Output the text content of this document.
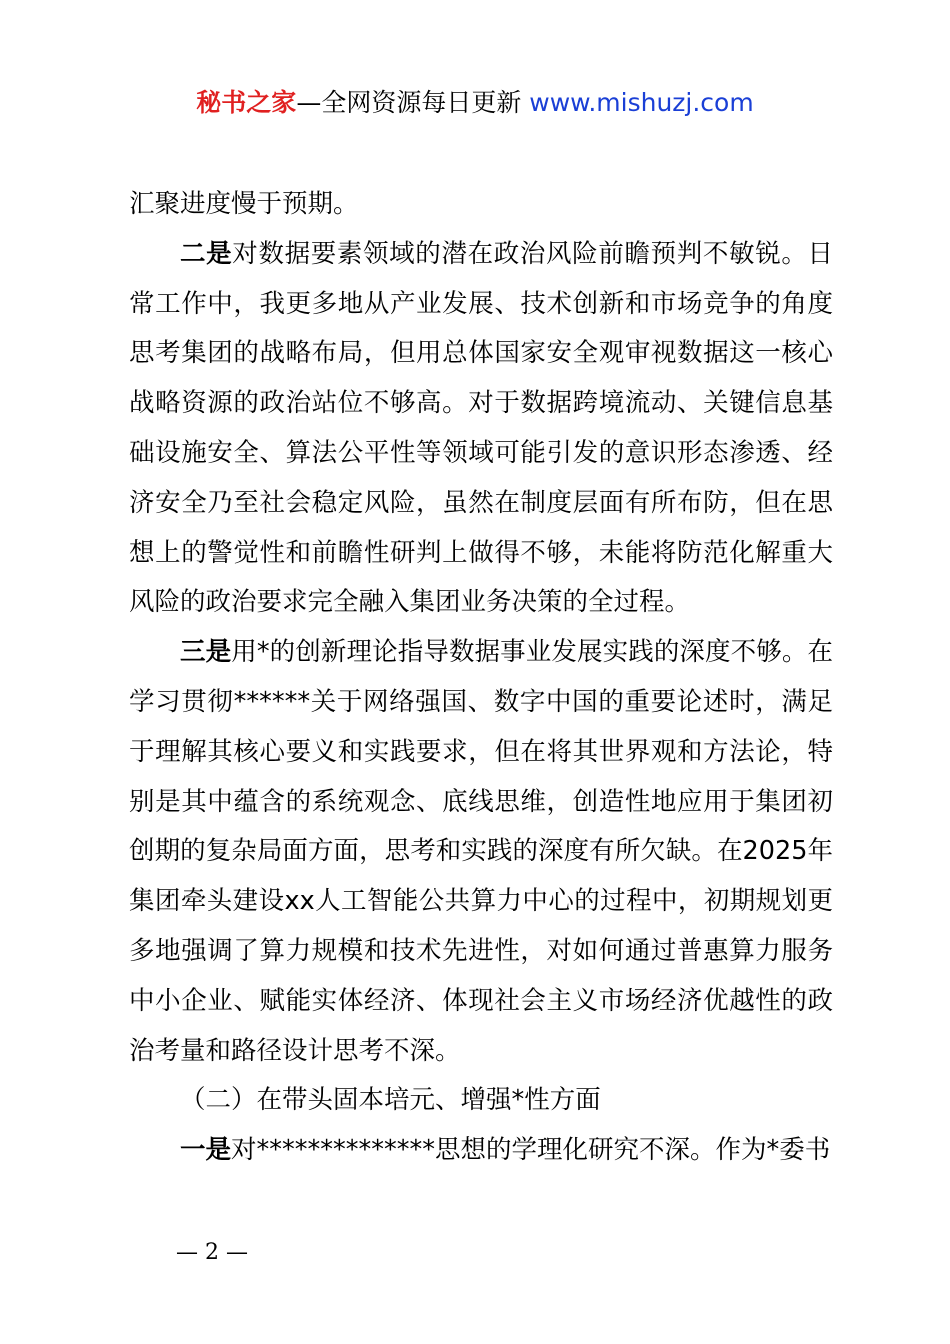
秘书之家—全网资源每日更新 www.mishuzj.com

汇聚进度慢于预期。

二是对数据要素领域的潜在政治风险前瞻预判不敏锐。日常工作中，我更多地从产业发展、技术创新和市场竞争的角度思考集团的战略布局，但用总体国家安全观审视数据这一核心战略资源的政治站位不够高。对于数据跨境流动、关键信息基础设施安全、算法公平性等领域可能引发的意识形态渗透、经济安全乃至社会稳定风险，虽然在制度层面有所布防，但在思想上的警觉性和前瞻性研判上做得不够，未能将防范化解重大风险的政治要求完全融入集团业务决策的全过程。

三是用*的创新理论指导数据事业发展实践的深度不够。在学习贯彻******关于网络强国、数字中国的重要论述时，满足于理解其核心要义和实践要求，但在将其世界观和方法论，特别是其中蕴含的系统观念、底线思维，创造性地应用于集团初创期的复杂局面方面，思考和实践的深度有所欠缺。在2025年集团牵头建设xx人工智能公共算力中心的过程中，初期规划更多地强调了算力规模和技术先进性，对如何通过普惠算力服务中小企业、赋能实体经济、体现社会主义市场经济优越性的政治考量和路径设计思考不深。

（二）在带头固本培元、增强*性方面

一是对**************思想的学理化研究不深。作为*委书

— 2 —
